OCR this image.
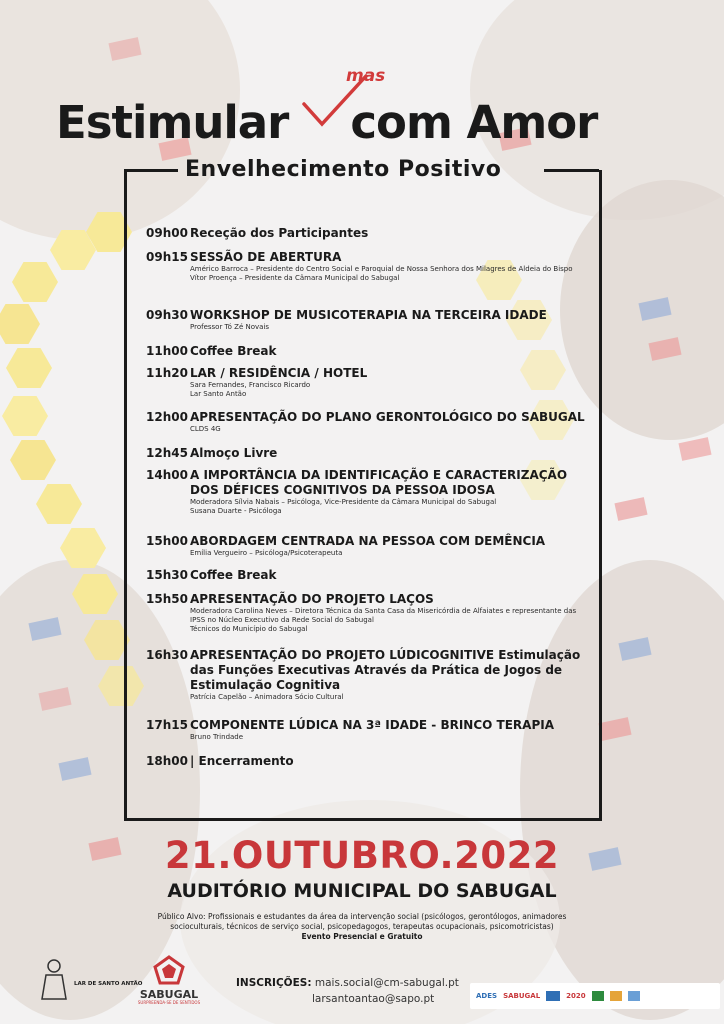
mas
Estimular com Amor
Envelhecimento Positivo
09h00 Receção dos Participantes
09h15 SESSÃO DE ABERTURA
Américo Barroca – Presidente do Centro Social e Paroquial de Nossa Senhora dos Milagres de Aldeia do Bispo
Vítor Proença – Presidente da Câmara Municipal do Sabugal
09h30 WORKSHOP DE MUSICOTERAPIA NA TERCEIRA IDADE
Professor Tó Zé Novais
11h00 Coffee Break
11h20 LAR / RESIDÊNCIA / HOTEL
Sara Fernandes, Francisco Ricardo
Lar Santo Antão
12h00 APRESENTAÇÃO DO PLANO GERONTOLÓGICO DO SABUGAL
CLDS 4G
12h45 Almoço Livre
14h00 A IMPORTÂNCIA DA IDENTIFICAÇÃO E CARACTERIZAÇÃO DOS DÉFICES COGNITIVOS DA PESSOA IDOSA
Moderadora Sílvia Nabais – Psicóloga, Vice-Presidente da Câmara Municipal do Sabugal
Susana Duarte - Psicóloga
15h00 ABORDAGEM CENTRADA NA PESSOA COM DEMÊNCIA
Emília Vergueiro – Psicóloga/Psicoterapeuta
15h30 Coffee Break
15h50 APRESENTAÇÃO DO PROJETO LAÇOS
Moderadora Carolina Neves – Diretora Técnica da Santa Casa da Misericórdia de Alfaiates e representante das IPSS no Núcleo Executivo da Rede Social do Sabugal
Técnicos do Município do Sabugal
16h30 APRESENTAÇÃO DO PROJETO LÚDICOGNITIVE Estimulação das Funções Executivas Através da Prática de Jogos de Estimulação Cognitiva
Patrícia Capelão – Animadora Sócio Cultural
17h15 COMPONENTE LÚDICA NA 3ª IDADE - BRINCO TERAPIA
Bruno Trindade
18h00 | Encerramento
21.OUTUBRO.2022
AUDITÓRIO MUNICIPAL DO SABUGAL
Público Alvo: Profissionais e estudantes da área da intervenção social (psicólogos, gerontólogos, animadores socioculturais, técnicos de serviço social, psicopedagogos, terapeutas ocupacionais, psicomotricistas)
Evento Presencial e Gratuito
LAR DE SANTO ANTÃO
SABUGAL
SURPREENDA-SE DE SENTIDOS
INSCRIÇÕES: mais.social@cm-sabugal.pt
larsantoantao@sapo.pt	ADES SABUGAL	2020
